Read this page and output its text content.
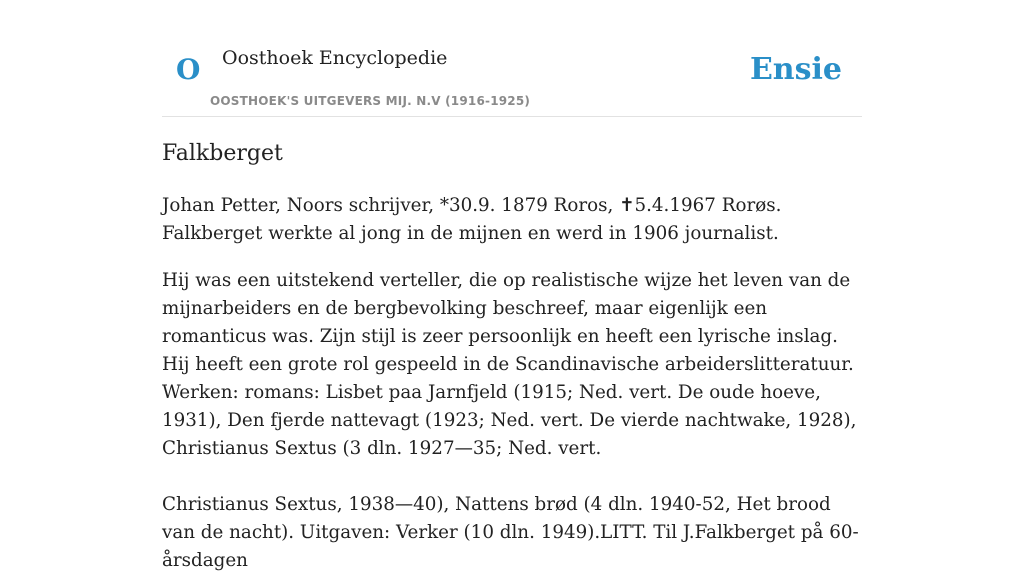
O Oosthoek Encyclopedie
OOSTHOEK'S UITGEVERS MIJ. N.V (1916-1925)
Ensie
Falkberget

Johan Petter, Noors schrijver, *30.9. 1879 Roros, ✝5.4.1967 Rorøs. Falkberget werkte al jong in de mijnen en werd in 1906 journalist.

Hij was een uitstekend verteller, die op realistische wijze het leven van de mijnarbeiders en de bergbevolking beschreef, maar eigenlijk een romanticus was. Zijn stijl is zeer persoonlijk en heeft een lyrische inslag. Hij heeft een grote rol gespeeld in de Scandinavische arbeiderslitteratuur. Werken: romans: Lisbet paa Jarnfjeld (1915; Ned. vert. De oude hoeve, 1931), Den fjerde nattevagt (1923; Ned. vert. De vierde nachtwake, 1928), Christianus Sextus (3 dln. 1927—35; Ned. vert.

Christianus Sextus, 1938—40), Nattens brød (4 dln. 1940-52, Het brood van de nacht). Uitgaven: Verker (10 dln. 1949).LITT. Til J.Falkberget på 60-årsdagen
